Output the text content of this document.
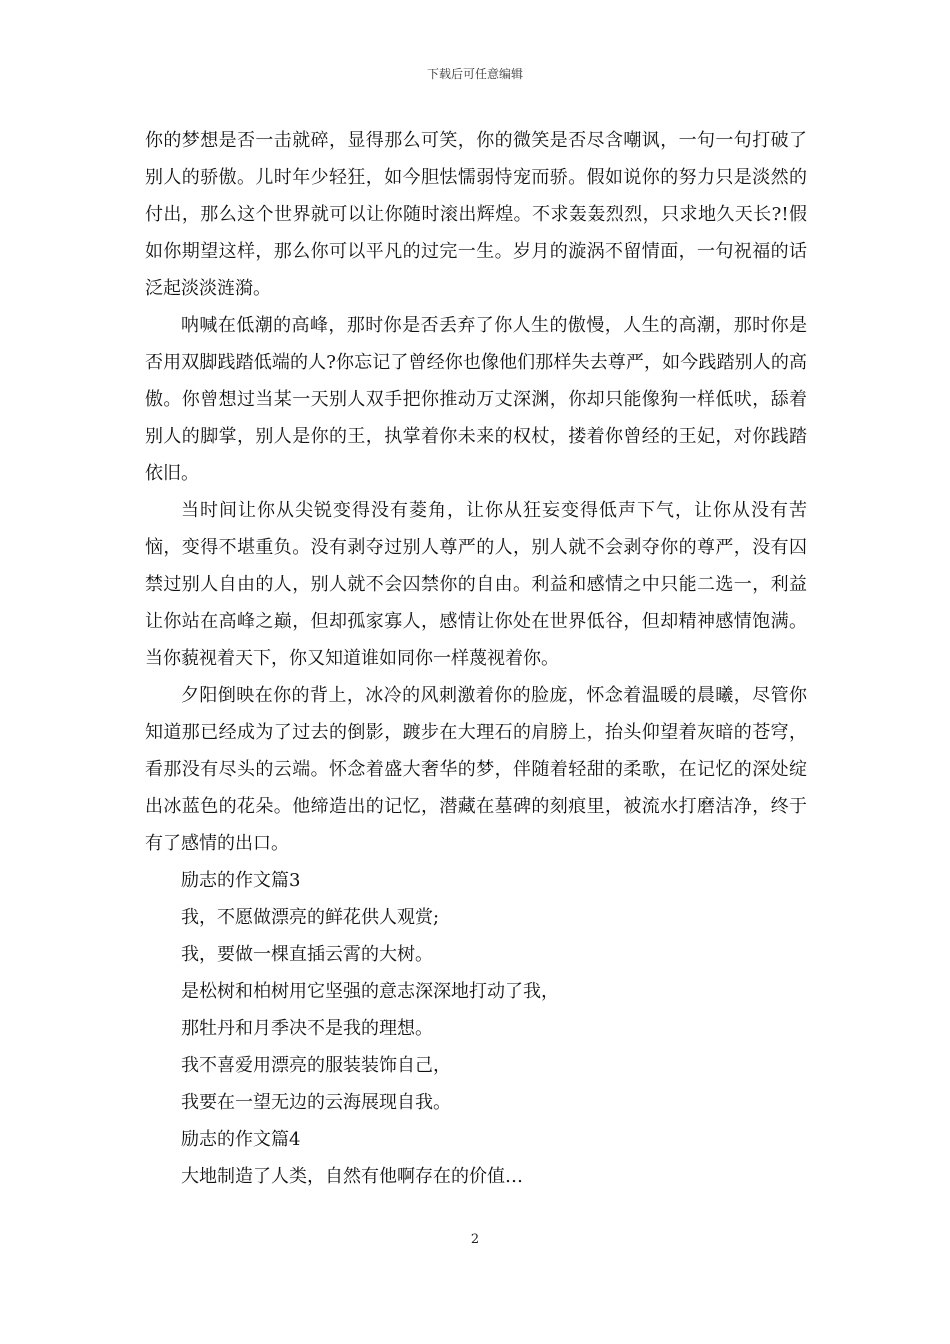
下载后可任意编辑

你的梦想是否一击就碎，显得那么可笑，你的微笑是否尽含嘲讽，一句一句打破了别人的骄傲。儿时年少轻狂，如今胆怯懦弱恃宠而骄。假如说你的努力只是淡然的付出，那么这个世界就可以让你随时滚出辉煌。不求轰轰烈烈，只求地久天长?!假如你期望这样，那么你可以平凡的过完一生。岁月的漩涡不留情面，一句祝福的话泛起淡淡涟漪。

呐喊在低潮的高峰，那时你是否丢弃了你人生的傲慢，人生的高潮，那时你是否用双脚践踏低端的人?你忘记了曾经你也像他们那样失去尊严，如今践踏别人的高傲。你曾想过当某一天别人双手把你推动万丈深渊，你却只能像狗一样低吠，舔着别人的脚掌，别人是你的王，执掌着你未来的权杖，搂着你曾经的王妃，对你践踏依旧。

当时间让你从尖锐变得没有菱角，让你从狂妄变得低声下气，让你从没有苦恼，变得不堪重负。没有剥夺过别人尊严的人，别人就不会剥夺你的尊严，没有囚禁过别人自由的人，别人就不会囚禁你的自由。利益和感情之中只能二选一，利益让你站在高峰之巅，但却孤家寡人，感情让你处在世界低谷，但却精神感情饱满。当你藐视着天下，你又知道谁如同你一样蔑视着你。

夕阳倒映在你的背上，冰冷的风刺激着你的脸庞，怀念着温暖的晨曦，尽管你知道那已经成为了过去的倒影，踱步在大理石的肩膀上，抬头仰望着灰暗的苍穹，看那没有尽头的云端。怀念着盛大奢华的梦，伴随着轻甜的柔歌，在记忆的深处绽出冰蓝色的花朵。他缔造出的记忆，潜藏在墓碑的刻痕里，被流水打磨洁净，终于有了感情的出口。

励志的作文篇3

我，不愿做漂亮的鲜花供人观赏;

我，要做一棵直插云霄的大树。

是松树和柏树用它坚强的意志深深地打动了我，

那牡丹和月季决不是我的理想。

我不喜爱用漂亮的服装装饰自己，

我要在一望无边的云海展现自我。

励志的作文篇4

大地制造了人类，自然有他啊存在的价值…

2
